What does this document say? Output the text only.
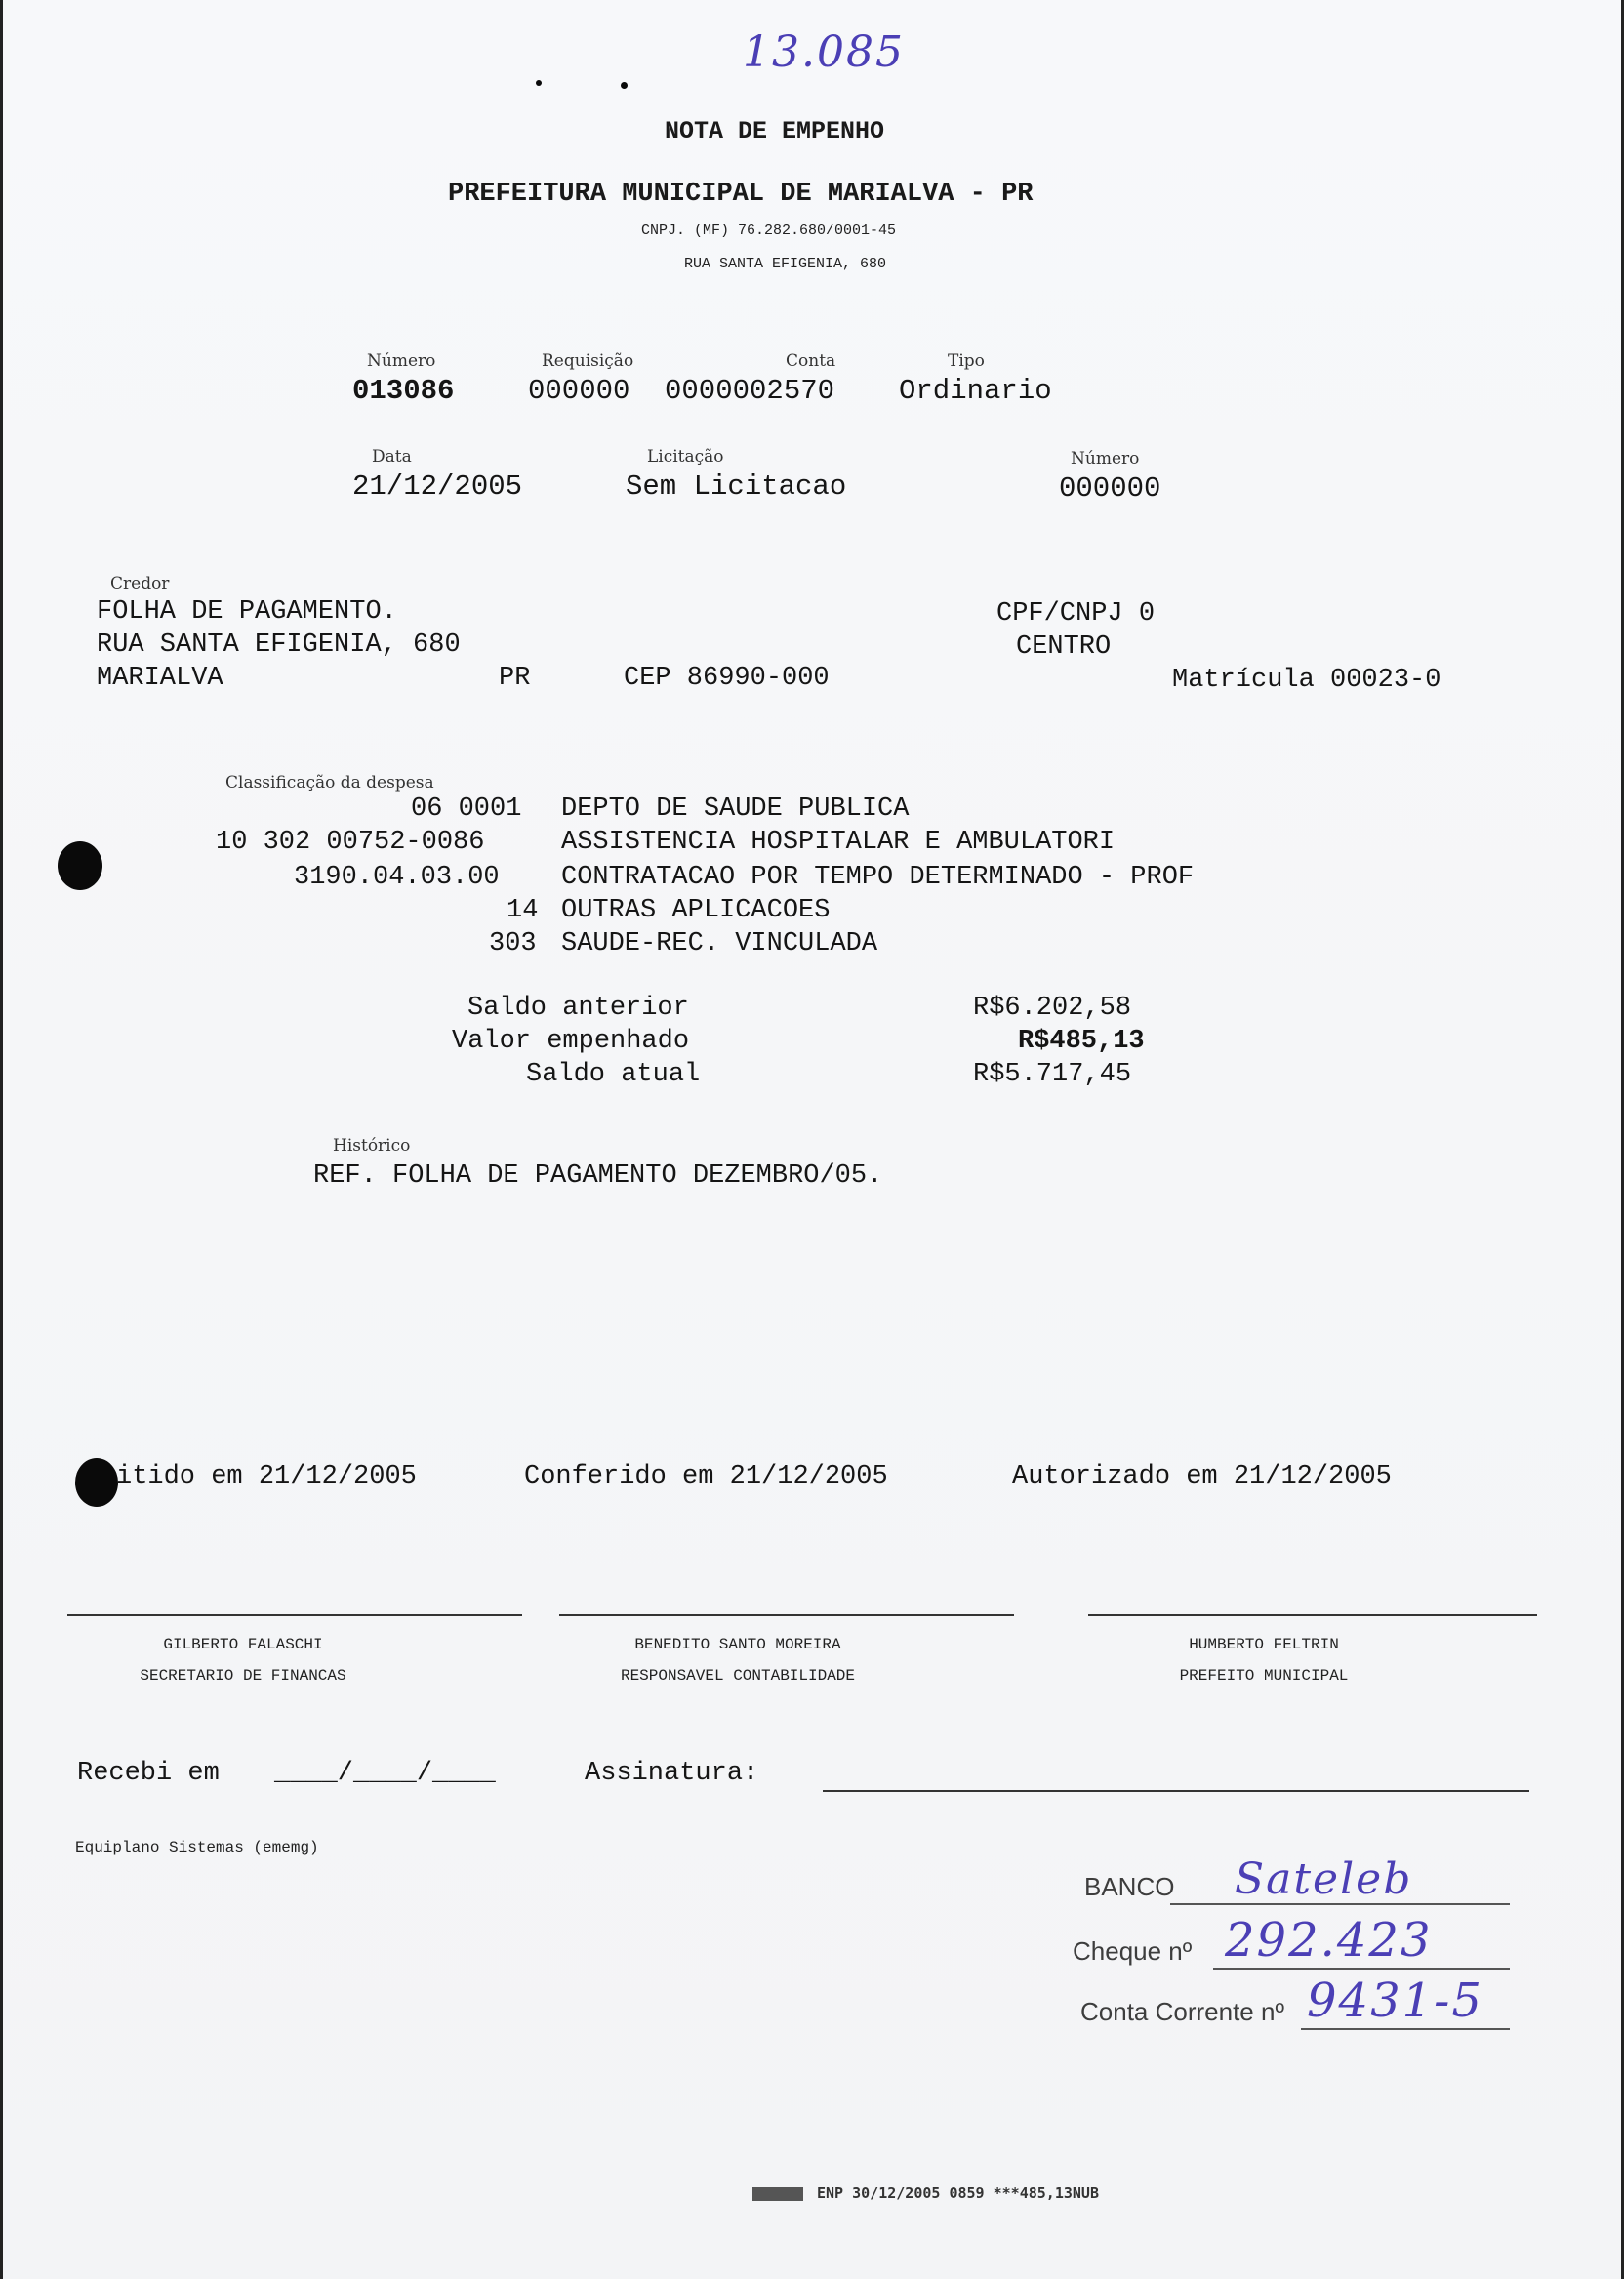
13.085
NOTA DE EMPENHO
PREFEITURA MUNICIPAL DE MARIALVA - PR
CNPJ. (MF) 76.282.680/0001-45
RUA SANTA EFIGENIA, 680
Número
013086
Requisição
000000
Conta
0000002570
Tipo
Ordinario
Data
21/12/2005
Licitação
Sem Licitacao
Número
000000
Credor
FOLHA DE PAGAMENTO.
RUA SANTA EFIGENIA, 680
MARIALVA	PR	CEP 86990-000
CPF/CNPJ 0
CENTRO
Matrícula 00023-0
Classificação da despesa
06 0001 DEPTO DE SAUDE PUBLICA
10 302 00752-0086	ASSISTENCIA HOSPITALAR E AMBULATORI
3190.04.03.00 CONTRATACAO POR TEMPO DETERMINADO - PROF
14 OUTRAS APLICACOES
303 SAUDE-REC. VINCULADA
Saldo anterior	R$6.202,58
Valor empenhado	R$485,13
Saldo atual	R$5.717,45
Histórico
REF. FOLHA DE PAGAMENTO DEZEMBRO/05.
itido em 21/12/2005	Conferido em 21/12/2005	Autorizado em 21/12/2005
GILBERTO FALASCHI
SECRETARIO DE FINANCAS
BENEDITO SANTO MOREIRA
RESPONSAVEL CONTABILIDADE
HUMBERTO FELTRIN
PREFEITO MUNICIPAL
Recebi em ____/____/____	Assinatura:
Equiplano Sistemas (ememg)
BANCO Sateleb
Cheque nº 292.423
Conta Corrente nº 9431-5
ENP 30/12/2005 0859 ***485,13NUB
